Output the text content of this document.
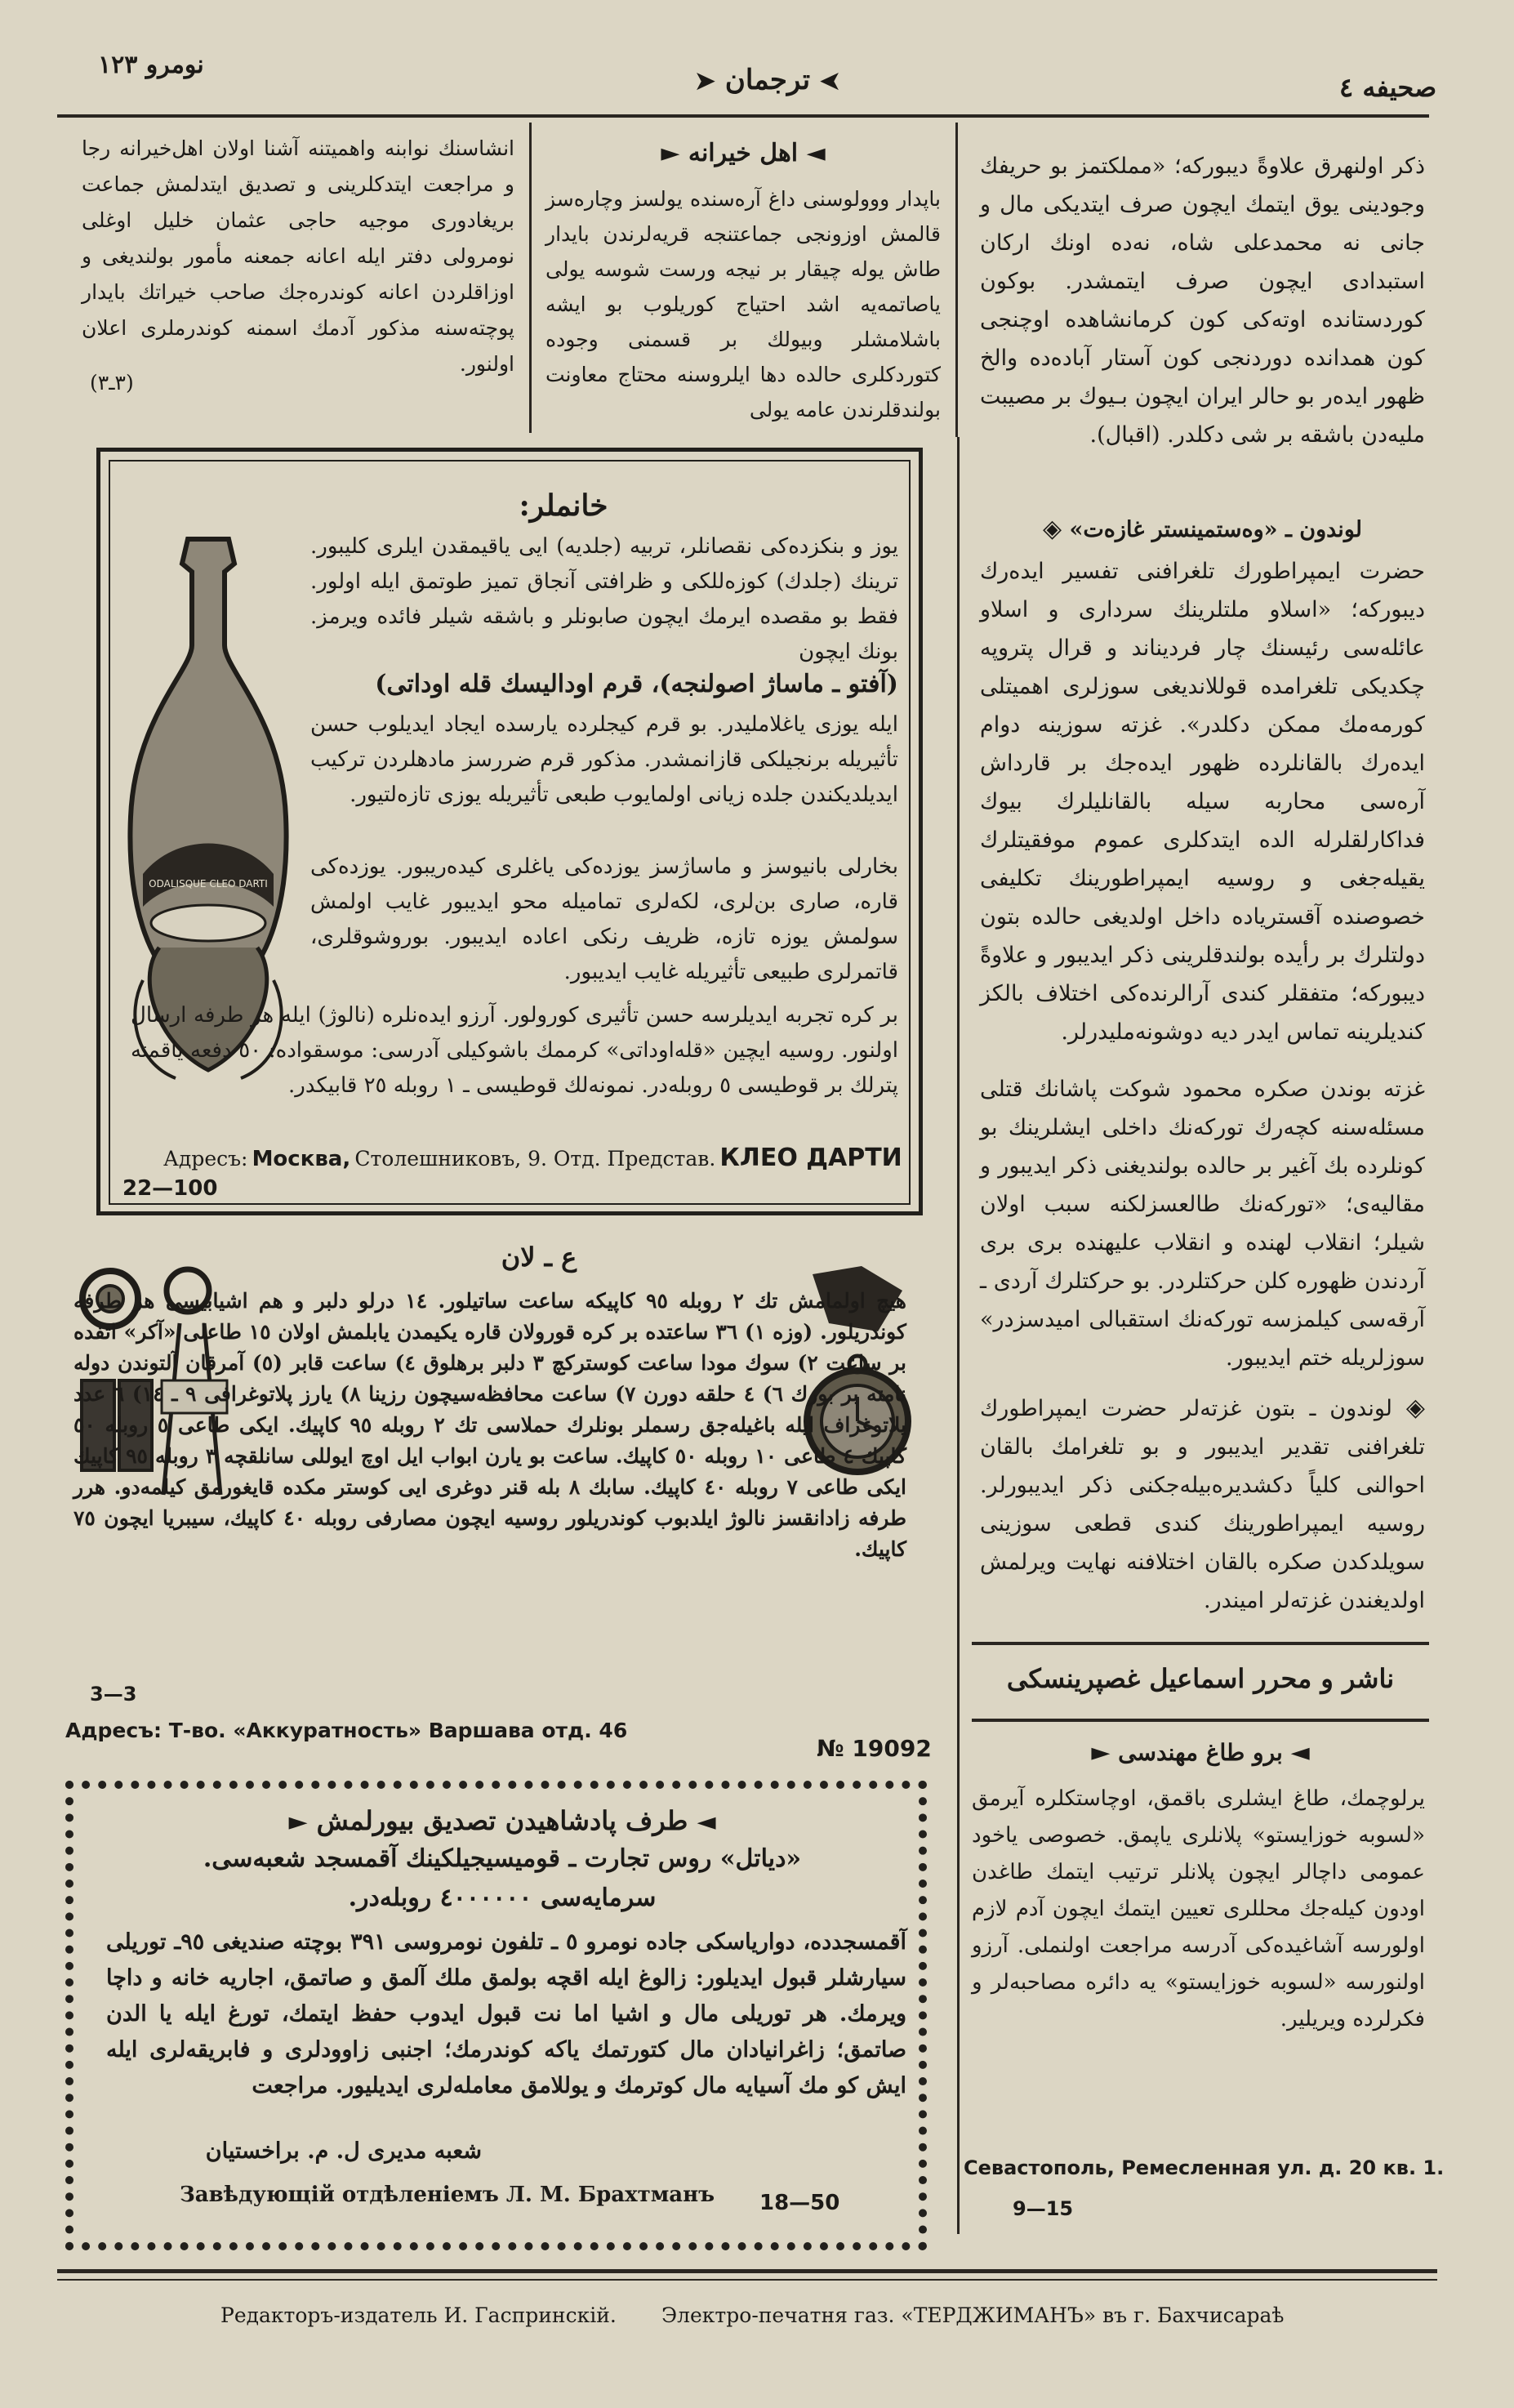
نومرو ١٢٣
➤ ترجمان ➤	صحيفه ٤
انشاسنك نوابنه واهميتنه آشنا اولان اهل‌خيرانه رجا و مراجعت ايتدكلرينى و تصديق ايتدلمش جماعت بريغادورى موجيه حاجى عثمان خليل اوغلى نومرولى دفتر ايله اعانه جمعنه مأمور بولنديغى و اوزاقلردن اعانه كوندره‌جك صاحب خيراتك بايدار پوچته‌سنه مذكور آدمك اسمنه كوندرملرى اعلان اولنور.
(٣ـ٣)
◄ اهل خيرانه ►
باپدار ووولوسنى داغ آره‌سنده يولسز وچاره‌سز قالمش اوزونجى جماعتنجه قريه‌لرندن بايدار طاش يوله چيقار بر نيجه ورست شوسه يولى ياصاتمه‌يه اشد احتياج كوريلوب بو ايشه باشلامشلر وبيولك بر قسمنى وجوده كتوردكلرى حالده دها ايلروسنه محتاج معاونت بولندقلرندن عامه يولى
ذكر اولنهرق علاوة‌ً ديبوركه؛ «مملكتمز بو حريفك وجودينى يوق ايتمك ايچون صرف ايتديكى مال و جانى نه محمدعلى شاه، نه‌ده اونك اركان استبدادى ايچون صرف ايتمشدر. بوكون كوردستانده اوته‌كى كون كرمانشاهده اوچنجى كون همدانده دوردنجى كون آستار آباده‌ده والخ ظهور ايده‌ر بو حالر ايران ايچون بـيوك بر مصيبت مليه‌دن باشقه بر شى دكلدر. (اقبال).
لوندون ـ «وه‌ستمينستر غازه‌ت» ◈
حضرت ايمپراطورك تلغرافنى تفسير ايده‌رك ديبوركه؛ «اسلاو ملتلرينك سردارى و اسلاو عائله‌سى رئيسنك چار فرديناند و قرال پتروپه چكديكى تلغرامده قوللانديغى سوزلرى اهميتلى كورمه‌مك ممكن دكلدر». غزته سوزينه دوام ايده‌رك بالقانلرده ظهور ايده‌جك بر قارداش آره‌سى محاربه سيله بالقانليلرك بيوك فداكارلقلرله الده ايتدكلرى عموم موفقيتلرك يقيله‌جغى و روسيه ايمپراطورينك تكليفى خصوصنده آقسترياده داخل اولديغى حالده بتون دولتلرك بر رأيده بولندقلرينى ذكر ايديبور و علاوة‌ً ديبوركه؛ متفقلر كندى آرالرنده‌كى اختلاف بالكز كنديلرينه تماس ايدر ديه دوشونه‌مليدرلر.
غزته بوندن صكره محمود شوكت پاشانك قتلى مسئله‌سنه كچه‌رك توركه‌نك داخلى ايشلرينك بو كونلرده بك آغير بر حالده بولنديغنى ذكر ايديبور و مقاليه‌ى؛ «توركه‌نك طالعسزلكنه سبب اولان شيلر؛ انقلاب لهنده و انقلاب عليهنده برى برى آردندن ظهوره كلن حركتلردر. بو حركتلرك آردى ـ آرقه‌سى كيلمزسه توركه‌نك استقبالى اميدسزدر» سوزلريله ختم ايديبور.
◈ لوندون ـ بتون غزته‌لر حضرت ايمپراطورك تلغرافنى تقدير ايديبور و بو تلغرامك بالقان احوالنى كلياً دكشديره‌بيله‌جكنى ذكر ايديبورلر. روسيه ايمپراطورينك كندى قطعى سوزينى سويلدكدن صكره بالقان اختلافنه نهايت ويرلمش اولديغندن غزته‌لر اميندر.
ناشر و محرر اسماعيل غصپرينسكى
◄ برو طاغ مهندسى ►
يرلوچمك، طاغ ايشلرى باقمق، اوچاستكلره آيرمق «لسوبه خوزايستو» پلانلرى ياپمق. خصوصى ياخود عمومى داچالر ايچون پلانلر ترتيب ايتمك طاغدن اودون كيله‌جك محللرى تعيين ايتمك ايچون آدم لازم اولورسه آشاغيده‌كى آدرسه مراجعت اولنملى. آرزو اولنورسه «لسوبه خوزايستو» يه دائره مصاحبه‌لر و فكرلرده ويريلير.
Севастополь, Ремесленная ул. д. 20 кв. 1.
9—15
خانملر:
ODALISQUE CLEO DARTI
يوز و بنكزده‌كى نقصانلر، تربيه (جلديه) ايى ياقيمقدن ايلرى كليبور. ترينك (جلدك) كوزه‌للكى و ظرافتى آنجاق تميز طوتمق ايله اولور. فقط بو مقصده ايرمك ايچون صابونلر و باشقه شيلر فائده ويرمز. بونك ايچون
(آفتو ـ ماساژ اصولنجه)، قرم اوداليسك قله اوداتى)
ايله يوزى ياغلامليدر. بو قرم كيجلرده يارسده ايجاد ايديلوب حسن تأثيريله برنجيلكى قازانمشدر. مذكور قرم ضررسز مادهلردن تركيب ايديلديكندن جلده زيانى اولمايوب طبعى تأثيريله يوزى تازه‌لتيور.
بخارلى بانيوسز و ماساژسز يوزده‌كى ياغلرى كيده‌ريبور. يوزده‌كى قاره، صارى بن‌لرى، لكه‌لرى تماميله محو ايديبور غايب اولمش سولمش يوزه تازه، ظريف رنكى اعاده ايديبور. بوروشوقلرى، قاتمرلرى طبيعى تأثيريله غايب ايديبور.
بر كره تجربه ايديلرسه حسن تأثيرى كورولور. آرزو ايده‌نلره (نالوژ) ايله هر طرفه ارسال اولنور. روسيه ايچين «قله‌اوداتى» كرممك باشوكيلى آدرسى: موسقواده: ٥٠ دفعه ياقمنه پترلك بر قوطيسى ٥ روبله‌در. نمونه‌لك قوطيسى ـ ١ روبله ٢٥ قابيكدر.
Адресъ: Москва, Столешниковъ, 9. Отд. Представ. КЛЕО ДАРТИ
22—100
ع ـ لان
هيچ اولمامش تك ٢ روبله ٩٥ كاپيكه ساعت ساتيلور. ١٤ درلو دلبر و هم اشيابيسى هر طرفه كوندريلور. (وزه ١) ٣٦ ساعتده بر كره قورولان قاره يكيمدن يابلمش اولان ١٥ طاعلى «آكر» اتفده بر ساعت ٢) سوك مودا ساعت كوستركچ ٣ دلبر برهلوق ٤) ساعت قابر (٥) آمرقان آلتوندن دوله نامته بر بورك ٦) ٤ حلقه دورن ٧) ساعت محافظه‌سيچون رزينا ٨) يارز پلاتوغرافى ٩ ـ ١٤) ٦ عدد يلاتوغراف ايله باغيله‌جق رسملر بونلرك حملاسى تك ٢ روبله ٩٥ كاپيك. ايكى طاعى ٥ روبله ٥٠ كاپيك ٤ طاعى ١٠ روبله ٥٠ كاپيك. ساعت بو يارن ابواب ايل اوچ ايوللى سانلقچه ٣ روبله ٩٥ كاپيك ايكى طاعى ٧ روبله ٤٠ كاپيك. سابك ٨ بله قنر دوغرى ايى كوستر مكده قايغورمق كيلمه‌دو. هرر طرفه زادانقسز نالوژ ايلدبوب كوندريلور روسيه ايچون مصارفى روبله ٤٠ كاپيك، سيبريا ايچون ٧٥ كاپيك.
3—3
Адресъ: Т-во. «Аккуратность» Варшава отд. 46
№ 19092
◄ طرف پادشاهيدن تصديق بيورلمش ►
«دياتل» روس تجارت ـ قوميسيجيلكينك آقمسجد شعبه‌سى.
سرمايه‌سى ٤٠٠٠٠٠٠ روبله‌در.
آقمسجدده، دوارياسكى جاده نومرو ٥ ـ تلفون نومروسى ٣٩١ بوچته صنديغى ٩٥ـ توريلى سيارشلر قبول ايديلور: زالوغ ايله اقچه بولمق ملك آلمق و صاتمق، اجاريه خانه و داچا ويرمك. هر توريلى مال و اشيا اما نت قبول ايدوب حفظ ايتمك، تورغ ايله يا الدن صاتمق؛ زاغرانيادان مال كتورتمك ياكه كوندرمك؛ اجنبى زاوودلرى و فابريقه‌لرى ايله ايش كو مك آسيايه مال كوترمك و يوللامق معامله‌لرى ايديليور. مراجعت
شعبه مديرى ل. م. براخستيان
Завѣдующій отдѣленіемъ Л. М. Брахтманъ 18—50
Редакторъ-издатель И. Гаспринскій. Электро-печатня газ. «ТЕРДЖИМАНЪ» въ г. Бахчисараѣ
